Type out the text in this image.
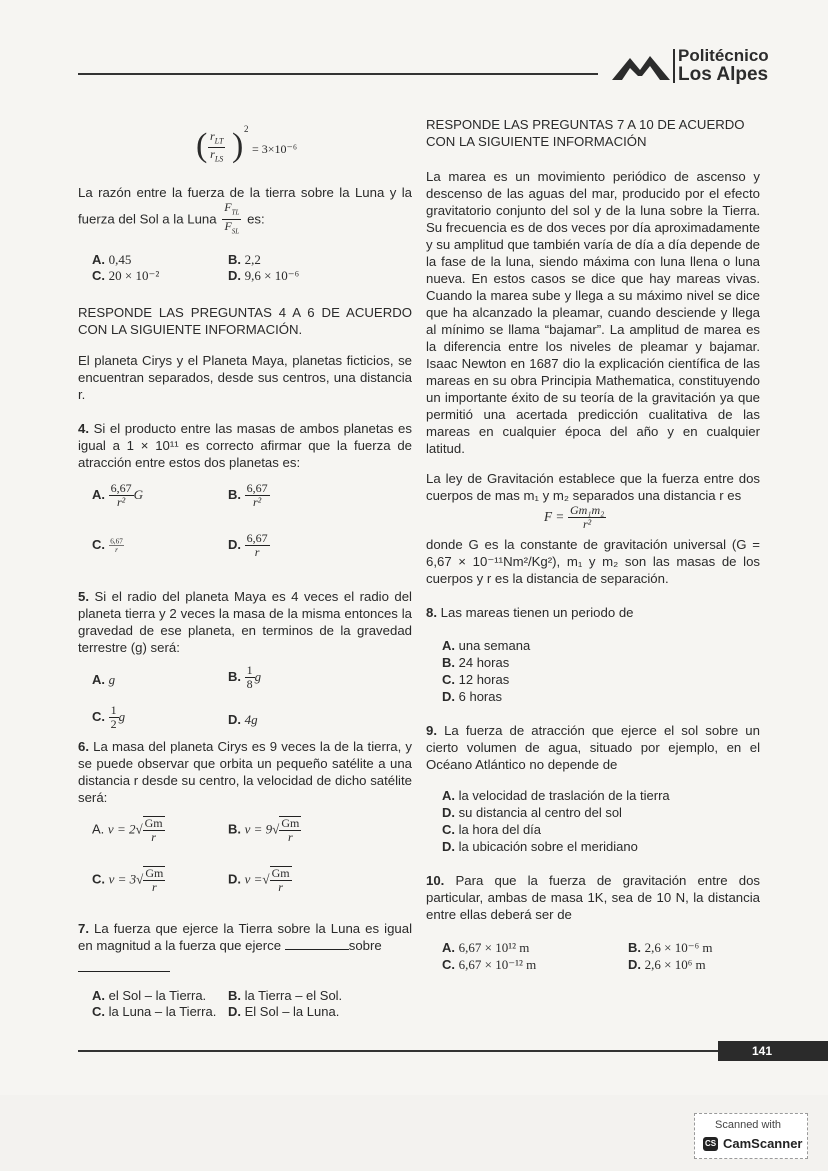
Politécnico
Los Alpes
( $r_{LT}$
$r_{LS}$ ) 2
= 3×10⁻⁶

La razón entre la fuerza de la tierra sobre la Luna y la fuerza del Sol a la Luna $\frac{F_{TL}}{F_{SL}}$ es:

A. 0,45	B. 2,2
C. 20 × 10⁻²	D. 9,6 × 10⁻⁶

RESPONDE LAS PREGUNTAS 4 A 6 DE ACUERDO CON LA SIGUIENTE INFORMACIÓN.

El planeta Cirys y el Planeta Maya, planetas ficticios, se encuentran separados, desde sus centros, una distancia r.

4. Si el producto entre las masas de ambos planetas es igual a 1 × 10¹¹ es correcto afirmar que la fuerza de atracción entre estos dos planetas es:

A. $\frac{6,67}{\text{r²}}$ G	B. $\frac{6,67}{\text{r²}}$
C. $\frac{6,67}{r}$	D. $\frac{6,67}{r}$

5. Si el radio del planeta Maya es 4 veces el radio del planeta tierra y 2 veces la masa de la misma entonces la gravedad de ese planeta, en terminos de la gravedad terrestre (g) será:

A. g	B. $\frac{1}{8}$ g
C. $\frac{1}{2}$ g	D. 4g

6. La masa del planeta Cirys es 9 veces la de la tierra, y se puede observar que orbita un pequeño satélite a una distancia r desde su centro, la velocidad de dicho satélite será:

A. $v = 2√ \frac{Gm}{r}$	B. $v = 9√ \frac{Gm}{r}$
C. $v = 3√ \frac{Gm}{r}$	D. v =√ $\frac{Gm}{r}$

7. La fuerza que ejerce la Tierra sobre la Luna es igual en magnitud a la fuerza que ejerce	sobre

A. el Sol – la Tierra. B. la Tierra – el Sol.
C. la Luna – la Tierra. D. El Sol – la Luna.

RESPONDE LAS PREGUNTAS 7 A 10 DE ACUERDO CON LA SIGUIENTE INFORMACIÓN

La marea es un movimiento periódico de ascenso y descenso de las aguas del mar, producido por el efecto gravitatorio conjunto del sol y de la luna sobre la Tierra. Su frecuencia es de dos veces por día aproximadamente y su amplitud que también varía de día a día depende de la fase de la luna, siendo máxima con luna llena o luna nueva. En estos casos se dice que hay mareas vivas. Cuando la marea sube y llega a su máximo nivel se dice que ha alcanzado la pleamar, cuando desciende y llega al mínimo se llama “bajamar”. La amplitud de marea es la diferencia entre los niveles de pleamar y bajamar. Isaac Newton en 1687 dio la explicación científica de las mareas en su obra Principia Mathematica, constituyendo un importante éxito de su teoría de la gravitación ya que permitió una acertada predicción cualitativa de las mareas en cualquier época del año y en cualquier latitud.

La ley de Gravitación establece que la fuerza entre dos cuerpos de mas m₁ y m₂ separados una distancia r es

$F = \frac{\text{Gm₁m₂}}{\text{r²}}$

donde G es la constante de gravitación universal (G = 6,67 × 10⁻¹¹Nm²/Kg²), m₁ y m₂ son las masas de los cuerpos y r es la distancia de separación.

8. Las mareas tienen un periodo de

A. una semana
B. 24 horas
C. 12 horas
D. 6 horas

9. La fuerza de atracción que ejerce el sol sobre un cierto volumen de agua, situado por ejemplo, en el Océano Atlántico no depende de

A. la velocidad de traslación de la tierra
D. su distancia al centro del sol
C. la hora del día
D. la ubicación sobre el meridiano

10. Para que la fuerza de gravitación entre dos particular, ambas de masa 1K, sea de 10 N, la distancia entre ellas deberá ser de

A. 6,67 × 10¹² m	B. 2,6 × 10⁻⁶ m
C. 6,67 × 10⁻¹² m	D. 2,6 × 10⁶ m
141
Scanned with
CS CamScanner
